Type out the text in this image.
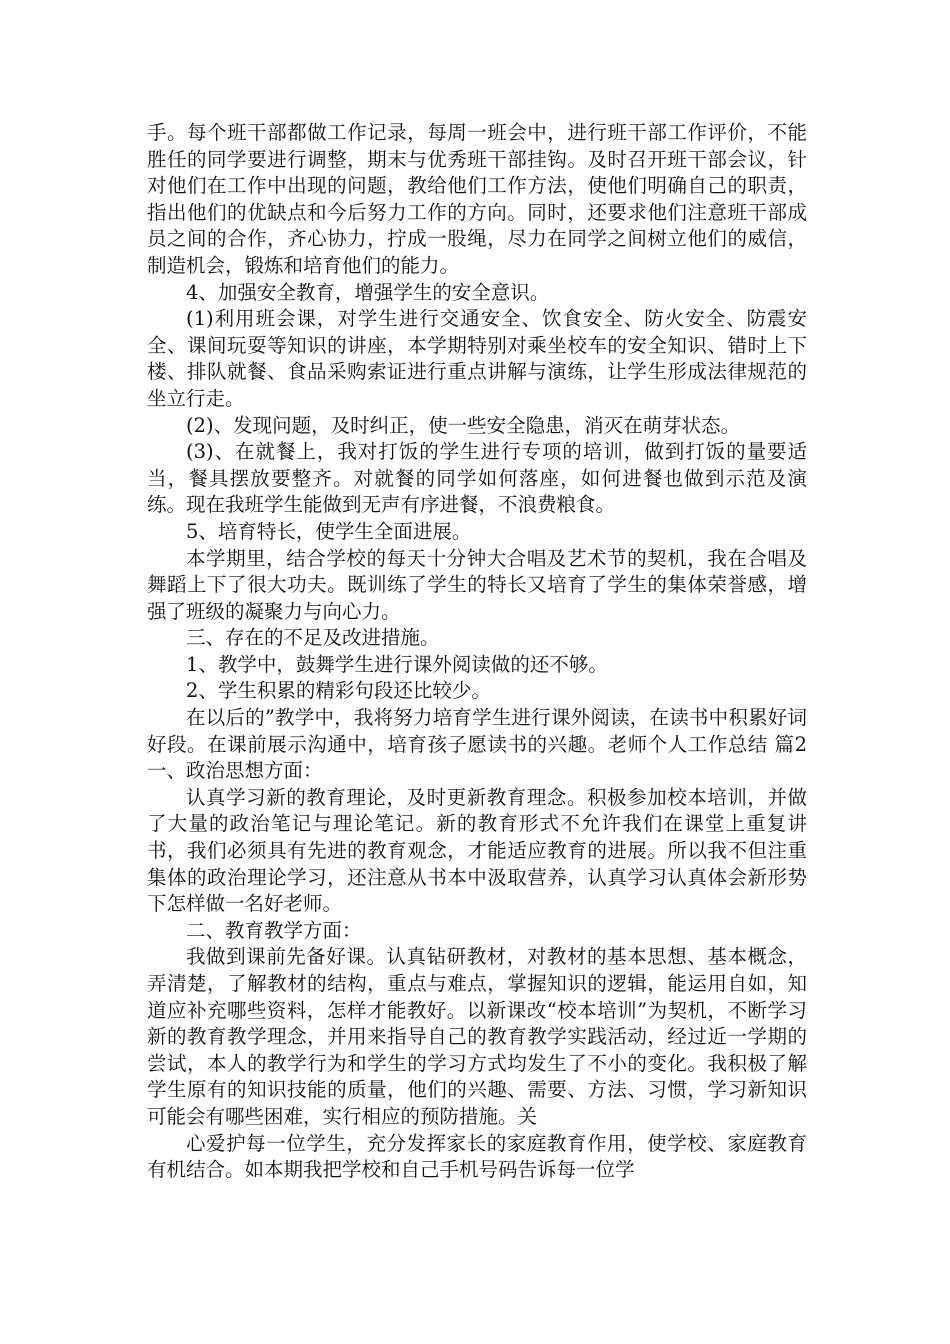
手。每个班干部都做工作记录，每周一班会中，进行班干部工作评价，不能胜任的同学要进行调整，期末与优秀班干部挂钩。及时召开班干部会议，针对他们在工作中出现的问题，教给他们工作方法，使他们明确自己的职责，指出他们的优缺点和今后努力工作的方向。同时，还要求他们注意班干部成员之间的合作，齐心协力，拧成一股绳，尽力在同学之间树立他们的威信，制造机会，锻炼和培育他们的能力。

4、加强安全教育，增强学生的安全意识。

(1)利用班会课，对学生进行交通安全、饮食安全、防火安全、防震安全、课间玩耍等知识的讲座，本学期特别对乘坐校车的安全知识、错时上下楼、排队就餐、食品采购索证进行重点讲解与演练，让学生形成法律规范的坐立行走。

(2)、发现问题，及时纠正，使一些安全隐患，消灭在萌芽状态。

(3)、在就餐上，我对打饭的学生进行专项的培训，做到打饭的量要适当，餐具摆放要整齐。对就餐的同学如何落座，如何进餐也做到示范及演练。现在我班学生能做到无声有序进餐，不浪费粮食。

5、培育特长，使学生全面进展。

本学期里，结合学校的每天十分钟大合唱及艺术节的契机，我在合唱及舞蹈上下了很大功夫。既训练了学生的特长又培育了学生的集体荣誉感，增强了班级的凝聚力与向心力。

三、存在的不足及改进措施。

1、教学中，鼓舞学生进行课外阅读做的还不够。

2、学生积累的精彩句段还比较少。

在以后的”教学中，我将努力培育学生进行课外阅读，在读书中积累好词好段。在课前展示沟通中，培育孩子愿读书的兴趣。老师个人工作总结 篇2一、政治思想方面：

认真学习新的教育理论，及时更新教育理念。积极参加校本培训，并做了大量的政治笔记与理论笔记。新的教育形式不允许我们在课堂上重复讲书，我们必须具有先进的教育观念，才能适应教育的进展。所以我不但注重集体的政治理论学习，还注意从书本中汲取营养，认真学习认真体会新形势下怎样做一名好老师。

二、教育教学方面：

我做到课前先备好课。认真钻研教材，对教材的基本思想、基本概念，弄清楚，了解教材的结构，重点与难点，掌握知识的逻辑，能运用自如，知道应补充哪些资料，怎样才能教好。以新课改“校本培训”为契机，不断学习新的教育教学理念，并用来指导自己的教育教学实践活动，经过近一学期的尝试，本人的教学行为和学生的学习方式均发生了不小的变化。我积极了解学生原有的知识技能的质量，他们的兴趣、需要、方法、习惯，学习新知识可能会有哪些困难，实行相应的预防措施。关

心爱护每一位学生，充分发挥家长的家庭教育作用，使学校、家庭教育有机结合。如本期我把学校和自己手机号码告诉每一位学
